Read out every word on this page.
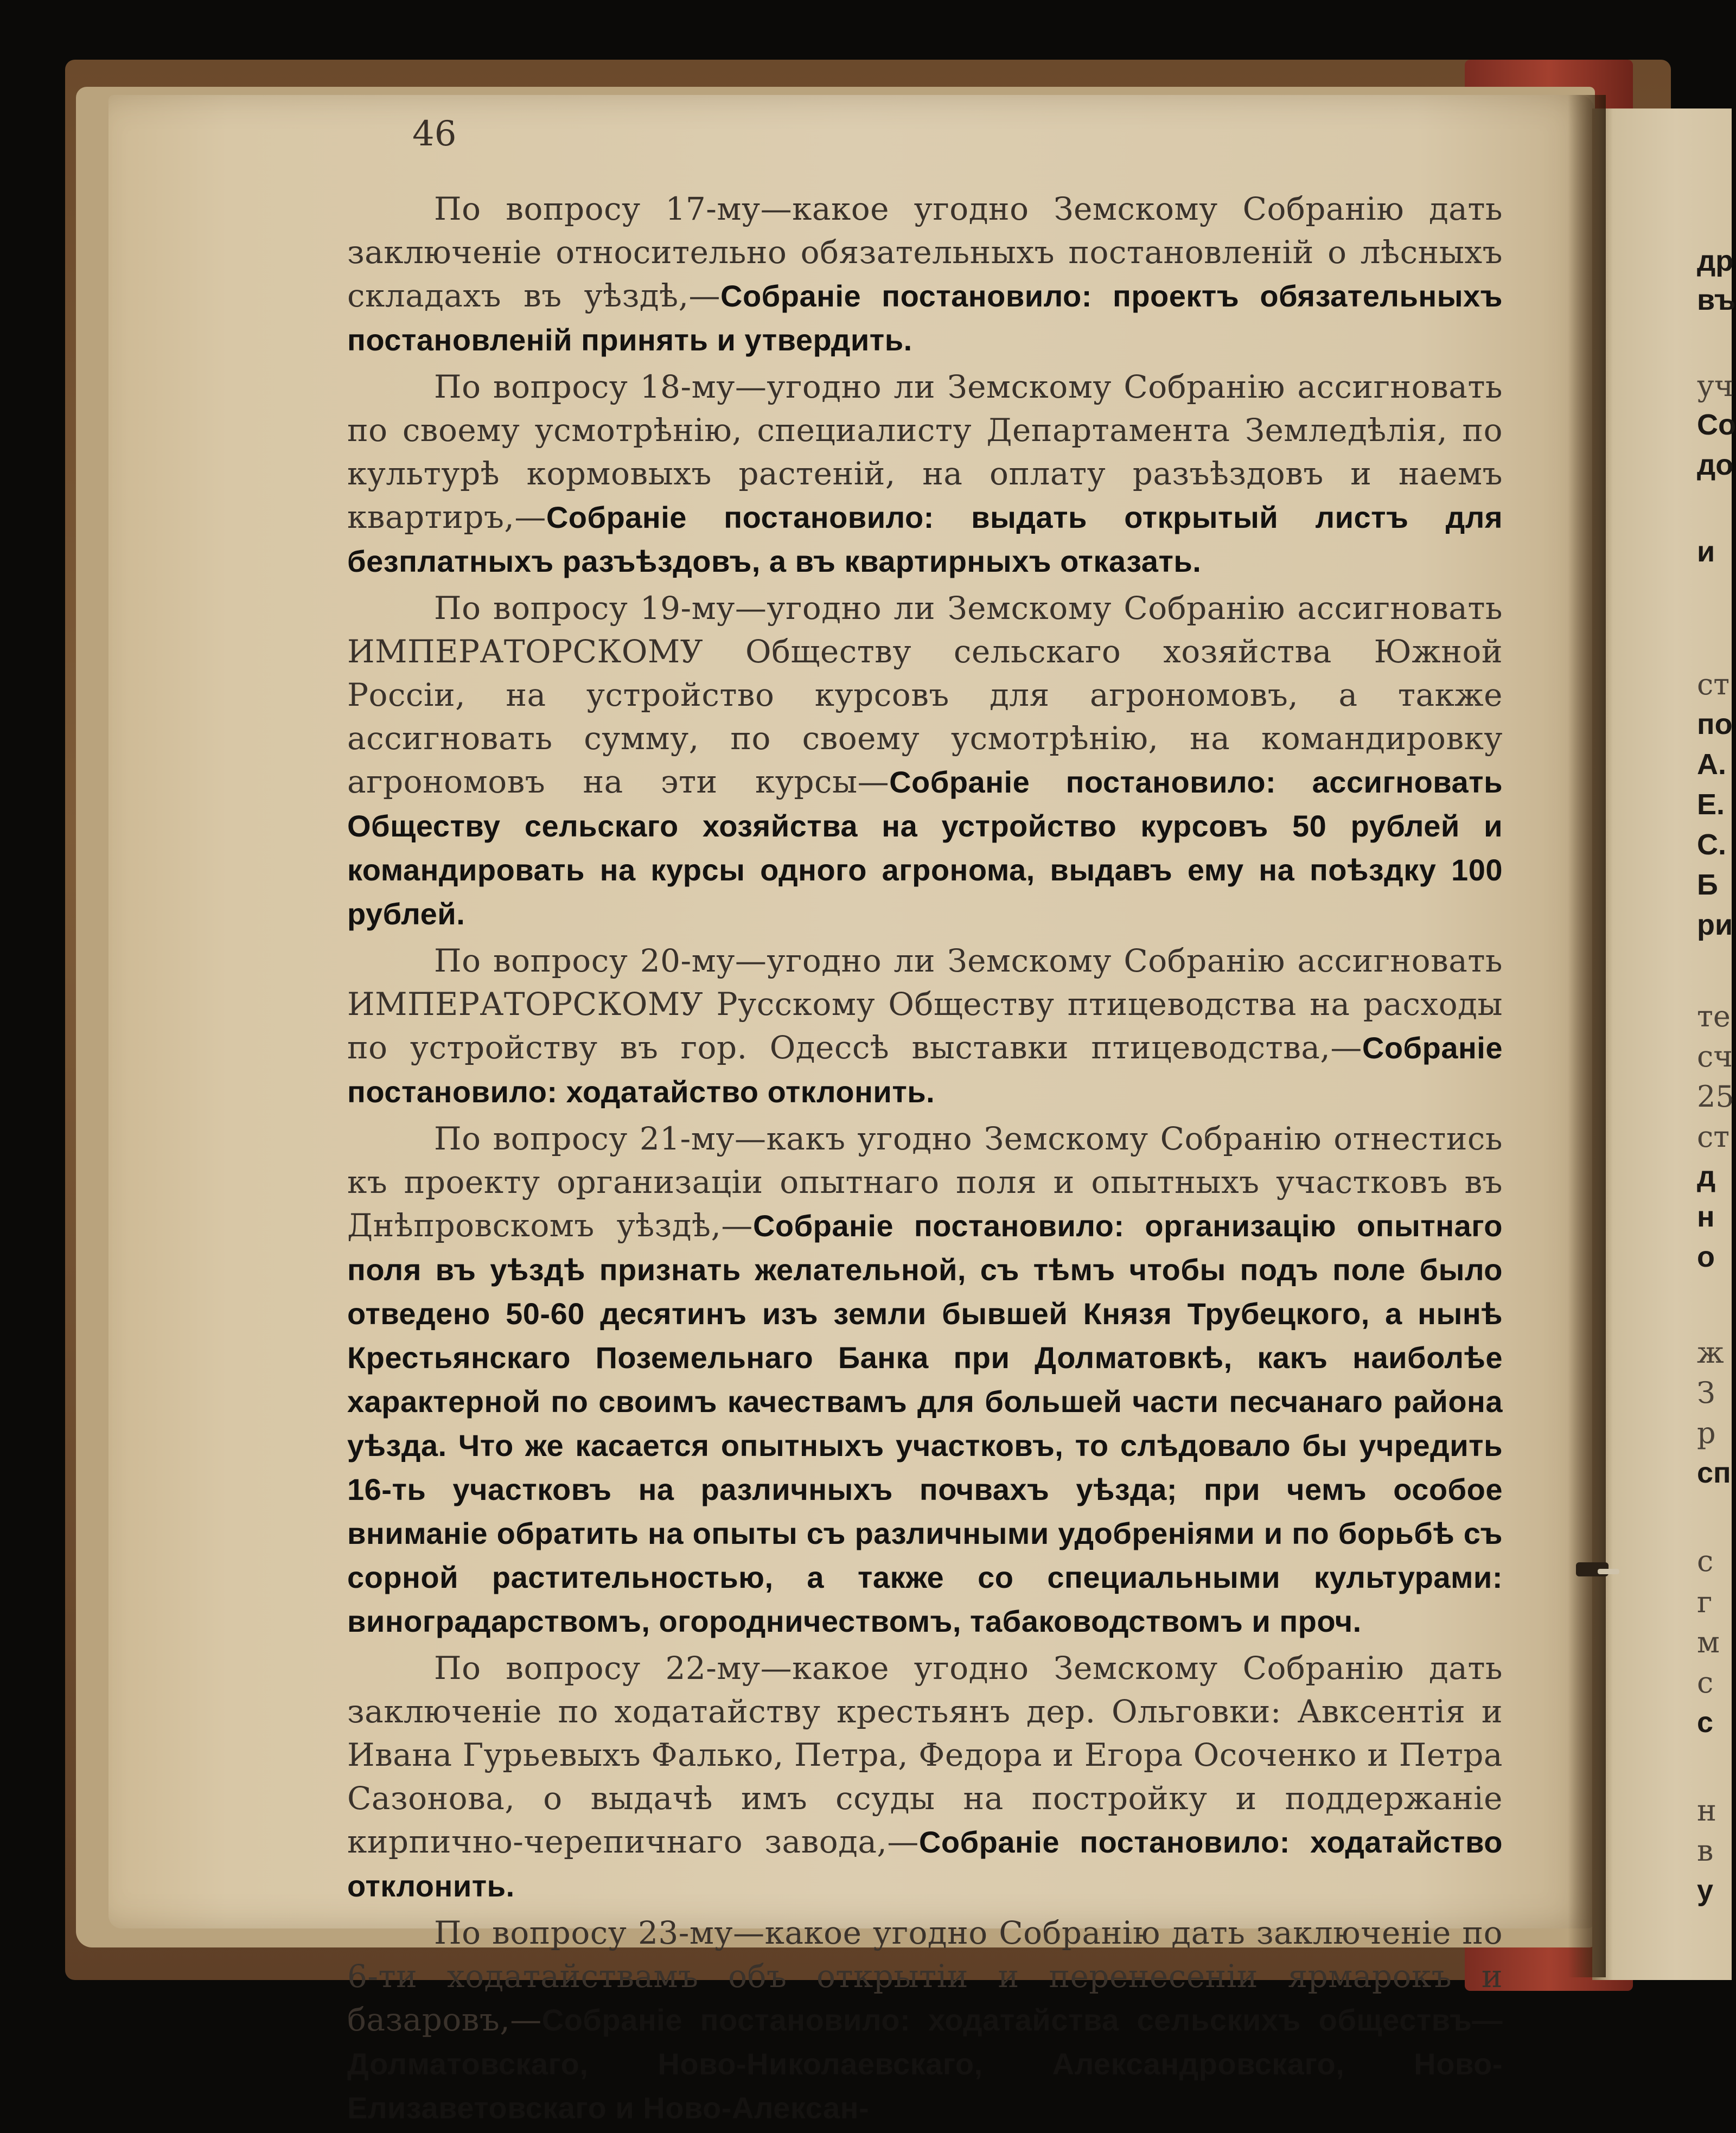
46

По вопросу 17-му—какое угодно Земскому Собранію дать заключеніе относительно обязательныхъ постановленій о лѣсныхъ складахъ въ уѣздѣ,—Собраніе постановило: проектъ обязательныхъ постановленій принять и утвердить.

По вопросу 18-му—угодно ли Земскому Собранію ассигновать по своему усмотрѣнію, специалисту Департамента Земледѣлія, по культурѣ кормовыхъ растеній, на оплату разъѣздовъ и наемъ квартиръ,—Собраніе постановило: выдать открытый листъ для безплатныхъ разъѣздовъ, а въ квартирныхъ отказать.

По вопросу 19-му—угодно ли Земскому Собранію ассигновать ИМПЕРАТОРСКОМУ Обществу сельскаго хозяйства Южной Россіи, на устройство курсовъ для агрономовъ, а также ассигновать сумму, по своему усмотрѣнію, на командировку агрономовъ на эти курсы—Собраніе постановило: ассигновать Обществу сельскаго хозяйства на устройство курсовъ 50 рублей и командировать на курсы одного агронома, выдавъ ему на поѣздку 100 рублей.

По вопросу 20-му—угодно ли Земскому Собранію ассигновать ИМПЕРАТОРСКОМУ Русскому Обществу птицеводства на расходы по устройству въ гор. Одессѣ выставки птицеводства,—Собраніе постановило: ходатайство отклонить.

По вопросу 21-му—какъ угодно Земскому Собранію отнестись къ проекту организаціи опытнаго поля и опытныхъ участковъ въ Днѣпровскомъ уѣздѣ,—Собраніе постановило: организацію опытнаго поля въ уѣздѣ признать желательной, съ тѣмъ чтобы подъ поле было отведено 50-60 десятинъ изъ земли бывшей Князя Трубецкого, а нынѣ Крестьянскаго Поземельнаго Банка при Долматовкѣ, какъ наиболѣе характерной по своимъ качествамъ для большей части песчанаго района уѣзда. Что же касается опытныхъ участковъ, то слѣдовало бы учредить 16-ть участковъ на различныхъ почвахъ уѣзда; при чемъ особое вниманіе обратить на опыты съ различными удобреніями и по борьбѣ съ сорной растительностью, а также со специальными культурами: виноградарствомъ, огородничествомъ, табаководствомъ и проч.

По вопросу 22-му—какое угодно Земскому Собранію дать заключеніе по ходатайству крестьянъ дер. Ольговки: Авксентія и Ивана Гурьевыхъ Фалько, Петра, Федора и Егора Осоченко и Петра Сазонова, о выдачѣ имъ ссуды на постройку и поддержаніе кирпично-черепичнаго завода,—Собраніе постановило: ходатайство отклонить.

По вопросу 23-му—какое угодно Собранію дать заключеніе по 6-ти ходатайствамъ объ открытіи и перенесеніи ярмарокъ и базаровъ,—Собраніе постановило: ходатайства сельскихъ обществъ—Долматовскаго, Ново-Николаевскаго, Александровскаго, Ново-Елизаветовскаго и Ново-Алексан-

др
въ
уч
Со
до
и
ст
по
А.
Е.
С.
Б
ри
те
сч
25
ст
д
н
о
ж
З
р
сп
с
г
м
с
с
н
в
у
